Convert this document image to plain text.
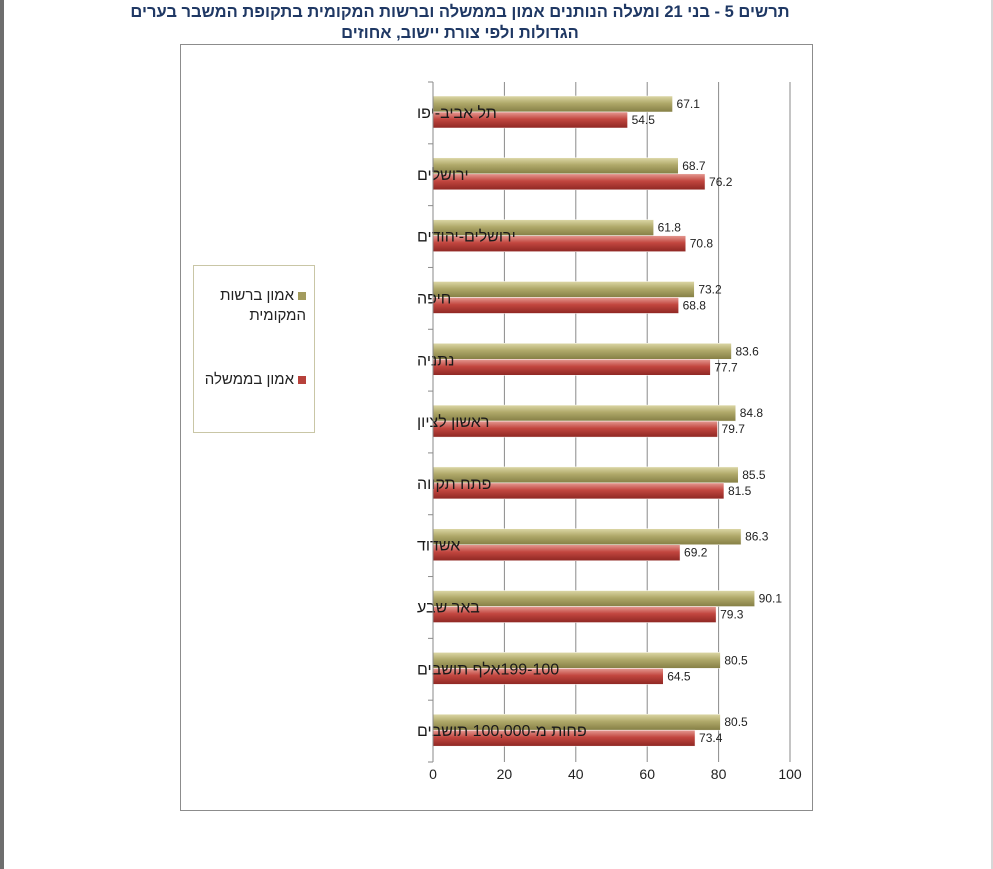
תרשים 5 - בני 21 ומעלה הנותנים אמון בממשלה וברשות המקומית בתקופת המשבר בערים
הגדולות ולפי צורת יישוב, אחוזים
67.1
54.5
תל אביב-יפו
68.7
76.2
ירושלים
61.8
70.8
ירושלים-יהודים
73.2
68.8
חיפה
83.6
77.7
נתניה
84.8
79.7
ראשון לציון
85.5
81.5
פתח תקווה
86.3
69.2
אשדוד
90.1
79.3
באר שבע
80.5
64.5
199-100אלף תושבים
80.5
73.4
פחות מ-100,000 תושבים
0	20	40	60	80	100
אמון ברשות המקומית
אמון בממשלה
